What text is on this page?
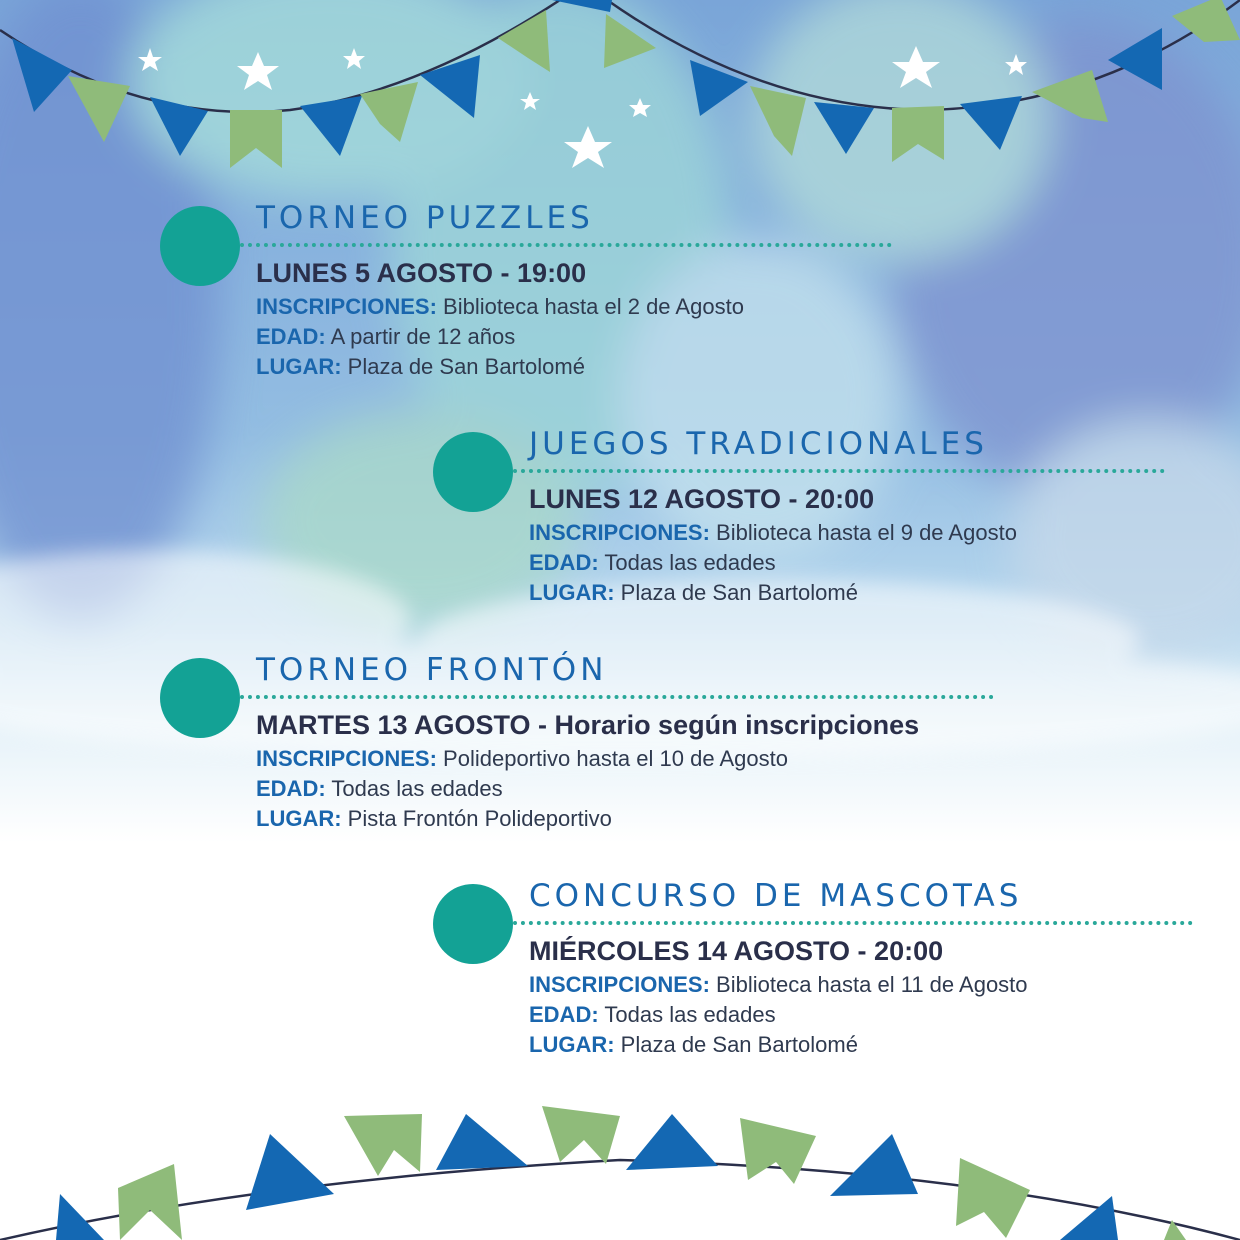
TORNEO PUZZLES
LUNES 5 AGOSTO - 19:00
INSCRIPCIONES: Biblioteca hasta el 2 de Agosto
EDAD: A partir de 12 años
LUGAR: Plaza de San Bartolomé
JUEGOS TRADICIONALES
LUNES 12 AGOSTO - 20:00
INSCRIPCIONES: Biblioteca hasta el 9 de Agosto
EDAD: Todas las edades
LUGAR: Plaza de San Bartolomé
TORNEO FRONTÓN
MARTES 13 AGOSTO - Horario según inscripciones
INSCRIPCIONES: Polideportivo hasta el 10 de Agosto
EDAD: Todas las edades
LUGAR: Pista Frontón Polideportivo
CONCURSO DE MASCOTAS
MIÉRCOLES 14 AGOSTO - 20:00
INSCRIPCIONES: Biblioteca hasta el 11 de Agosto
EDAD: Todas las edades
LUGAR: Plaza de San Bartolomé
